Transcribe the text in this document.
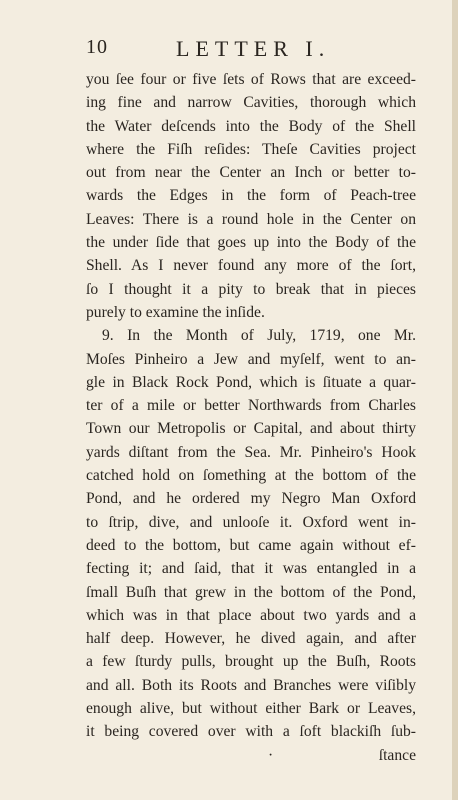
10	LETTER I.
you ſee four or five ſets of Rows that are exceed-
ing fine and narrow Cavities, thorough which
the Water deſcends into the Body of the Shell
where the Fiſh reſides: Theſe Cavities project
out from near the Center an Inch or better to-
wards the Edges in the form of Peach-tree
Leaves: There is a round hole in the Center on
the under ſide that goes up into the Body of the
Shell. As I never found any more of the ſort,
ſo I thought it a pity to break that in pieces
purely to examine the inſide.
9. In the Month of July, 1719, one Mr.
Moſes Pinheiro a Jew and myſelf, went to an-
gle in Black Rock Pond, which is ſituate a quar-
ter of a mile or better Northwards from Charles
Town our Metropolis or Capital, and about thirty
yards diſtant from the Sea. Mr. Pinheiro's Hook
catched hold on ſomething at the bottom of the
Pond, and he ordered my Negro Man Oxford
to ſtrip, dive, and unlooſe it. Oxford went in-
deed to the bottom, but came again without ef-
fecting it; and ſaid, that it was entangled in a
ſmall Buſh that grew in the bottom of the Pond,
which was in that place about two yards and a
half deep. However, he dived again, and after
a few ſturdy pulls, brought up the Buſh, Roots
and all. Both its Roots and Branches were viſibly
enough alive, but without either Bark or Leaves,
it being covered over with a ſoft blackiſh ſub-
·	ſtance
